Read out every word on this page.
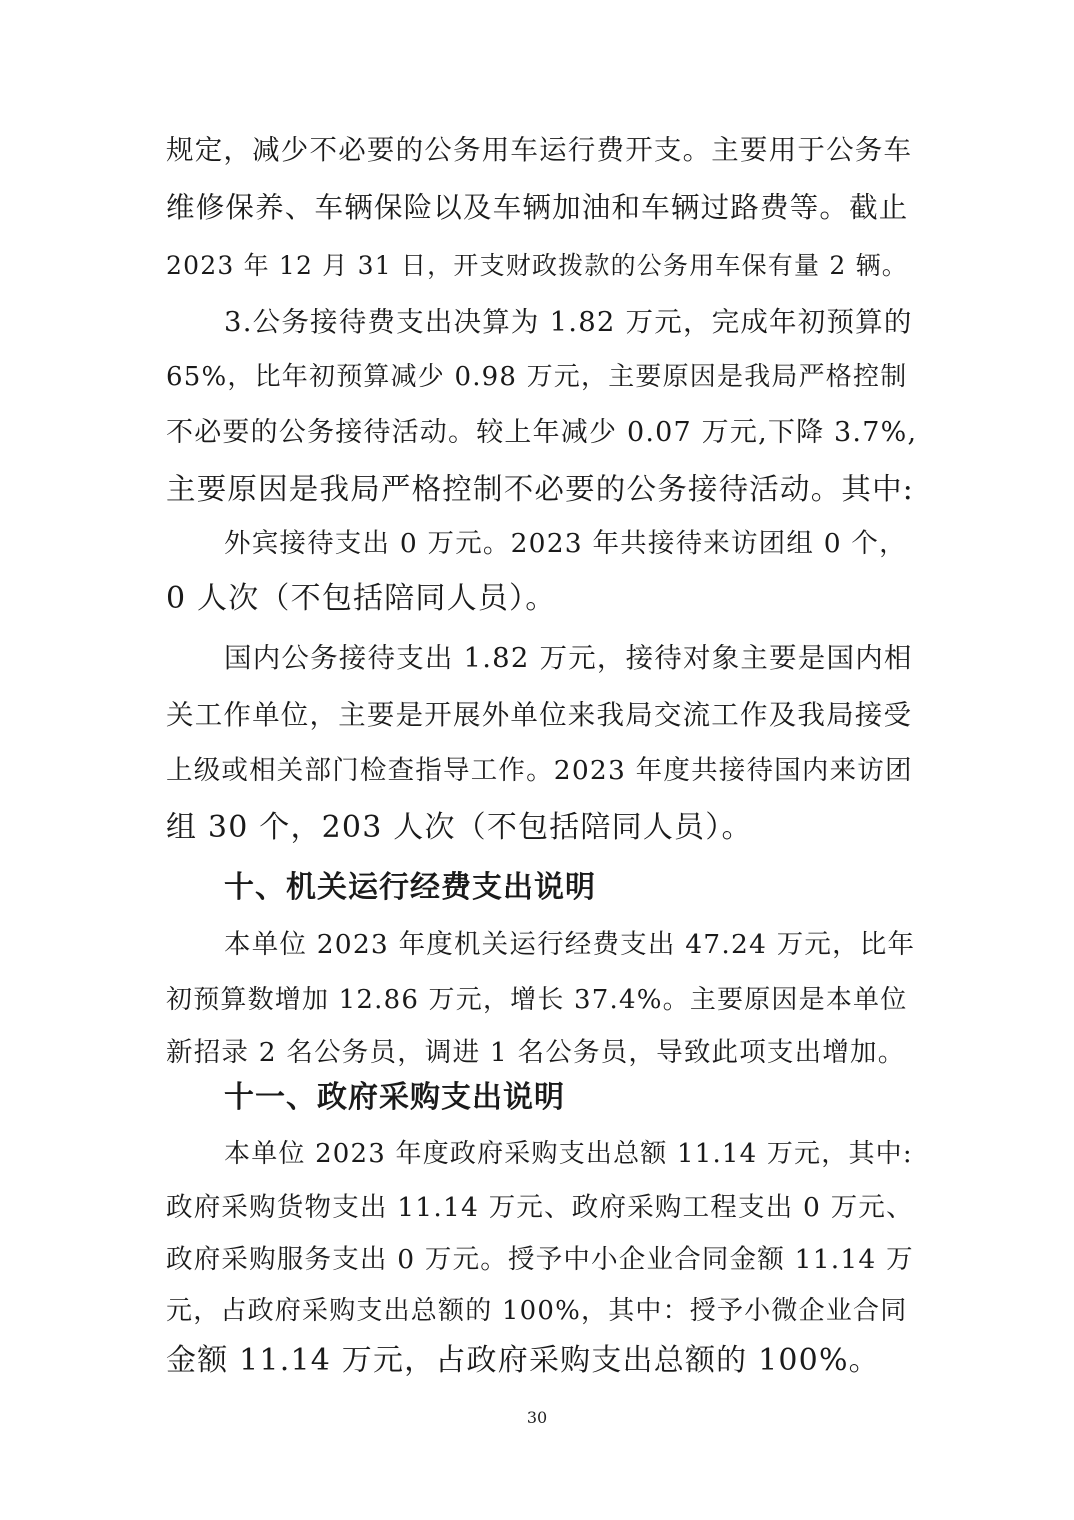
规定，减少不必要的公务用车运行费开支。主要用于公务车
维修保养、车辆保险以及车辆加油和车辆过路费等。截止
2023 年 12 月 31 日，开支财政拨款的公务用车保有量 2 辆。
3.公务接待费支出决算为 1.82 万元，完成年初预算的
65%，比年初预算减少 0.98 万元，主要原因是我局严格控制
不必要的公务接待活动。较上年减少 0.07 万元,下降 3.7%,
主要原因是我局严格控制不必要的公务接待活动。其中:
外宾接待支出 0 万元。2023 年共接待来访团组 0 个，
0 人次（不包括陪同人员）。
国内公务接待支出 1.82 万元，接待对象主要是国内相
关工作单位，主要是开展外单位来我局交流工作及我局接受
上级或相关部门检查指导工作。2023 年度共接待国内来访团
组 30 个，203 人次（不包括陪同人员）。
十、机关运行经费支出说明
本单位 2023 年度机关运行经费支出 47.24 万元，比年
初预算数增加 12.86 万元，增长 37.4%。主要原因是本单位
新招录 2 名公务员，调进 1 名公务员，导致此项支出增加。
十一、政府采购支出说明
本单位 2023 年度政府采购支出总额 11.14 万元，其中:
政府采购货物支出 11.14 万元、政府采购工程支出 0 万元、
政府采购服务支出 0 万元。授予中小企业合同金额 11.14 万
元，占政府采购支出总额的 100%，其中：授予小微企业合同
金额 11.14 万元，占政府采购支出总额的 100%。
30
